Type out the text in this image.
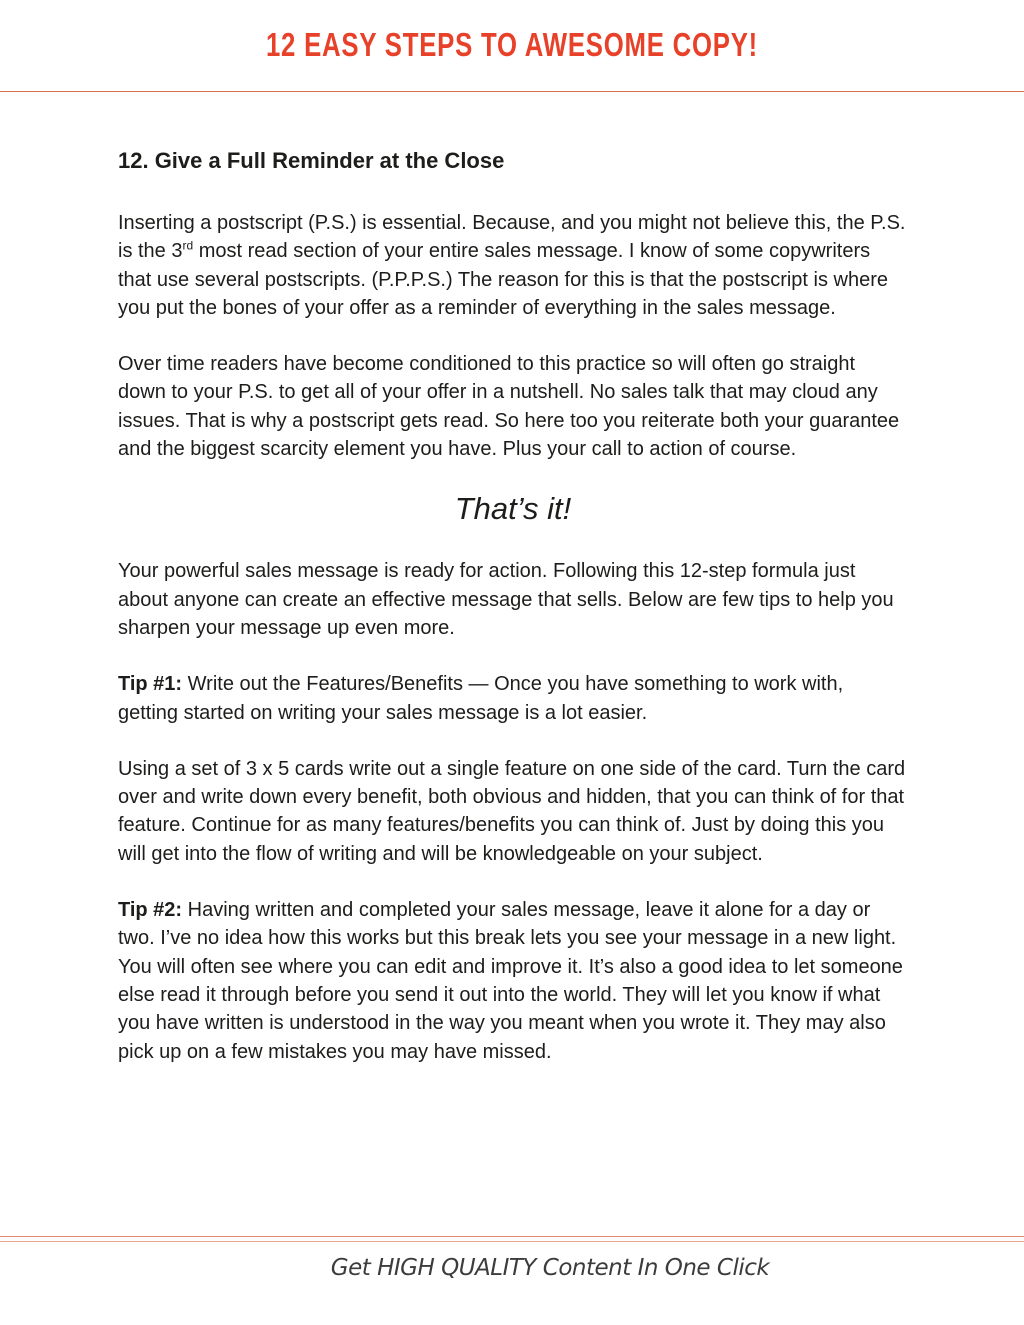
12 EASY STEPS TO AWESOME COPY!

12. Give a Full Reminder at the Close

Inserting a postscript (P.S.) is essential. Because, and you might not believe this, the P.S. is the 3rd most read section of your entire sales message. I know of some copywriters that use several postscripts. (P.P.P.S.) The reason for this is that the postscript is where you put the bones of your offer as a reminder of everything in the sales message.

Over time readers have become conditioned to this practice so will often go straight down to your P.S. to get all of your offer in a nutshell. No sales talk that may cloud any issues. That is why a postscript gets read. So here too you reiterate both your guarantee and the biggest scarcity element you have. Plus your call to action of course.

That’s it!

Your powerful sales message is ready for action. Following this 12-step formula just about anyone can create an effective message that sells. Below are few tips to help you sharpen your message up even more.

Tip #1: Write out the Features/Benefits — Once you have something to work with, getting started on writing your sales message is a lot easier.

Using a set of 3 x 5 cards write out a single feature on one side of the card. Turn the card over and write down every benefit, both obvious and hidden, that you can think of for that feature. Continue for as many features/benefits you can think of. Just by doing this you will get into the flow of writing and will be knowledgeable on your subject.

Tip #2: Having written and completed your sales message, leave it alone for a day or two. I’ve no idea how this works but this break lets you see your message in a new light. You will often see where you can edit and improve it. It’s also a good idea to let someone else read it through before you send it out into the world. They will let you know if what you have written is understood in the way you meant when you wrote it. They may also pick up on a few mistakes you may have missed.

Get HIGH QUALITY Content In One Click
